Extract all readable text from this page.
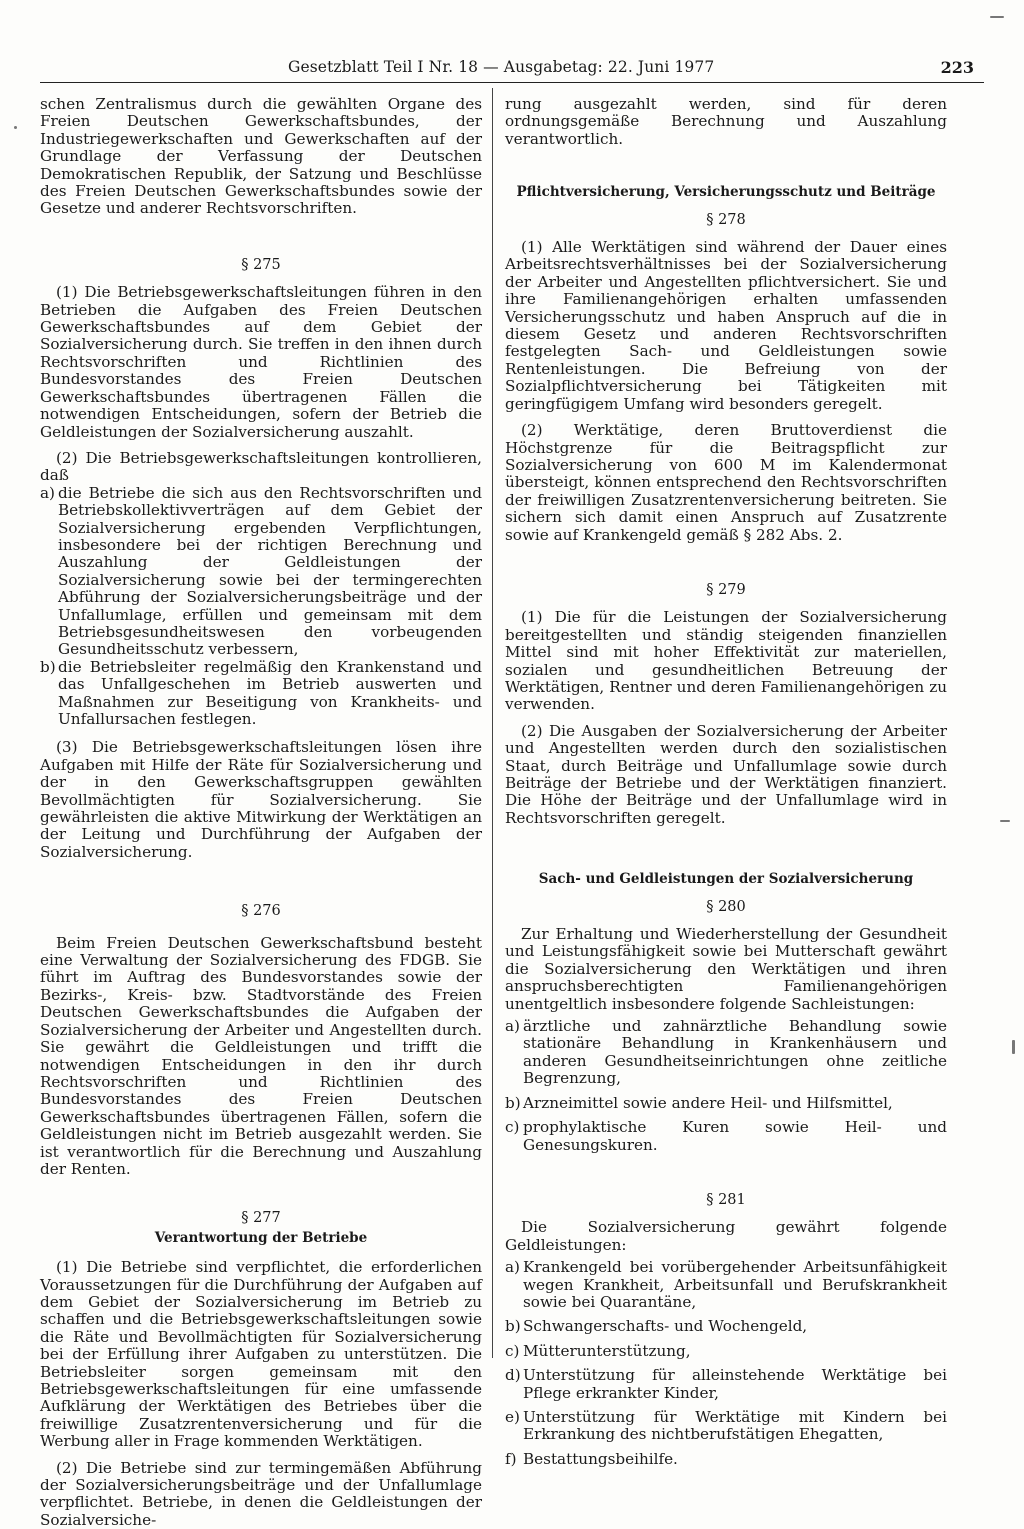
Gesetzblatt Teil I Nr. 18 — Ausgabetag: 22. Juni 1977	223

schen Zentralismus durch die gewählten Organe des Freien Deutschen Gewerkschaftsbundes, der Industriegewerkschaften und Gewerkschaften auf der Grundlage der Verfassung der Deutschen Demokratischen Republik, der Satzung und Beschlüsse des Freien Deutschen Gewerkschaftsbundes sowie der Gesetze und anderer Rechtsvorschriften.

§ 275

(1) Die Betriebsgewerkschaftsleitungen führen in den Betrieben die Aufgaben des Freien Deutschen Gewerkschaftsbundes auf dem Gebiet der Sozialversicherung durch. Sie treffen in den ihnen durch Rechtsvorschriften und Richtlinien des Bundesvorstandes des Freien Deutschen Gewerkschaftsbundes übertragenen Fällen die notwendigen Entscheidungen, sofern der Betrieb die Geldleistungen der Sozialversicherung auszahlt.

(2) Die Betriebsgewerkschaftsleitungen kontrollieren, daß

a) die Betriebe die sich aus den Rechtsvorschriften und Betriebskollektivverträgen auf dem Gebiet der Sozialversicherung ergebenden Verpflichtungen, insbesondere bei der richtigen Berechnung und Auszahlung der Geldleistungen der Sozialversicherung sowie bei der termingerechten Abführung der Sozialversicherungsbeiträge und der Unfallumlage, erfüllen und gemeinsam mit dem Betriebsgesundheitswesen den vorbeugenden Gesundheitsschutz verbessern,
b) die Betriebsleiter regelmäßig den Krankenstand und das Unfallgeschehen im Betrieb auswerten und Maßnahmen zur Beseitigung von Krankheits- und Unfallursachen festlegen.

(3) Die Betriebsgewerkschaftsleitungen lösen ihre Aufgaben mit Hilfe der Räte für Sozialversicherung und der in den Gewerkschaftsgruppen gewählten Bevollmächtigten für Sozialversicherung. Sie gewährleisten die aktive Mitwirkung der Werktätigen an der Leitung und Durchführung der Aufgaben der Sozialversicherung.

§ 276

Beim Freien Deutschen Gewerkschaftsbund besteht eine Verwaltung der Sozialversicherung des FDGB. Sie führt im Auftrag des Bundesvorstandes sowie der Bezirks-, Kreis- bzw. Stadtvorstände des Freien Deutschen Gewerkschaftsbundes die Aufgaben der Sozialversicherung der Arbeiter und Angestellten durch. Sie gewährt die Geldleistungen und trifft die notwendigen Entscheidungen in den ihr durch Rechtsvorschriften und Richtlinien des Bundesvorstandes des Freien Deutschen Gewerkschaftsbundes übertragenen Fällen, sofern die Geldleistungen nicht im Betrieb ausgezahlt werden. Sie ist verantwortlich für die Berechnung und Auszahlung der Renten.

§ 277
Verantwortung der Betriebe

(1) Die Betriebe sind verpflichtet, die erforderlichen Voraussetzungen für die Durchführung der Aufgaben auf dem Gebiet der Sozialversicherung im Betrieb zu schaffen und die Betriebsgewerkschaftsleitungen sowie die Räte und Bevollmächtigten für Sozialversicherung bei der Erfüllung ihrer Aufgaben zu unterstützen. Die Betriebsleiter sorgen gemeinsam mit den Betriebsgewerkschaftsleitungen für eine umfassende Aufklärung der Werktätigen des Betriebes über die freiwillige Zusatzrentenversicherung und für die Werbung aller in Frage kommenden Werktätigen.

(2) Die Betriebe sind zur termingemäßen Abführung der Sozialversicherungsbeiträge und der Unfallumlage verpflichtet. Betriebe, in denen die Geldleistungen der Sozialversiche-

rung ausgezahlt werden, sind für deren ordnungsgemäße Berechnung und Auszahlung verantwortlich.

Pflichtversicherung, Versicherungsschutz und Beiträge
§ 278

(1) Alle Werktätigen sind während der Dauer eines Arbeitsrechtsverhältnisses bei der Sozialversicherung der Arbeiter und Angestellten pflichtversichert. Sie und ihre Familienangehörigen erhalten umfassenden Versicherungsschutz und haben Anspruch auf die in diesem Gesetz und anderen Rechtsvorschriften festgelegten Sach- und Geldleistungen sowie Rentenleistungen. Die Befreiung von der Sozialpflichtversicherung bei Tätigkeiten mit geringfügigem Umfang wird besonders geregelt.

(2) Werktätige, deren Bruttoverdienst die Höchstgrenze für die Beitragspflicht zur Sozialversicherung von 600 M im Kalendermonat übersteigt, können entsprechend den Rechtsvorschriften der freiwilligen Zusatzrentenversicherung beitreten. Sie sichern sich damit einen Anspruch auf Zusatzrente sowie auf Krankengeld gemäß § 282 Abs. 2.

§ 279

(1) Die für die Leistungen der Sozialversicherung bereitgestellten und ständig steigenden finanziellen Mittel sind mit hoher Effektivität zur materiellen, sozialen und gesundheitlichen Betreuung der Werktätigen, Rentner und deren Familienangehörigen zu verwenden.

(2) Die Ausgaben der Sozialversicherung der Arbeiter und Angestellten werden durch den sozialistischen Staat, durch Beiträge und Unfallumlage sowie durch Beiträge der Betriebe und der Werktätigen finanziert. Die Höhe der Beiträge und der Unfallumlage wird in Rechtsvorschriften geregelt.

Sach- und Geldleistungen der Sozialversicherung
§ 280

Zur Erhaltung und Wiederherstellung der Gesundheit und Leistungsfähigkeit sowie bei Mutterschaft gewährt die Sozialversicherung den Werktätigen und ihren anspruchsberechtigten Familienangehörigen unentgeltlich insbesondere folgende Sachleistungen:

a) ärztliche und zahnärztliche Behandlung sowie stationäre Behandlung in Krankenhäusern und anderen Gesundheitseinrichtungen ohne zeitliche Begrenzung,
b) Arzneimittel sowie andere Heil- und Hilfsmittel,
c) prophylaktische Kuren sowie Heil- und Genesungskuren.
§ 281

Die Sozialversicherung gewährt folgende Geldleistungen:

a) Krankengeld bei vorübergehender Arbeitsunfähigkeit wegen Krankheit, Arbeitsunfall und Berufskrankheit sowie bei Quarantäne,
b) Schwangerschafts- und Wochengeld,
c) Mütterunterstützung,
d) Unterstützung für alleinstehende Werktätige bei Pflege erkrankter Kinder,
e) Unterstützung für Werktätige mit Kindern bei Erkrankung des nichtberufstätigen Ehegatten,
f) Bestattungsbeihilfe.
